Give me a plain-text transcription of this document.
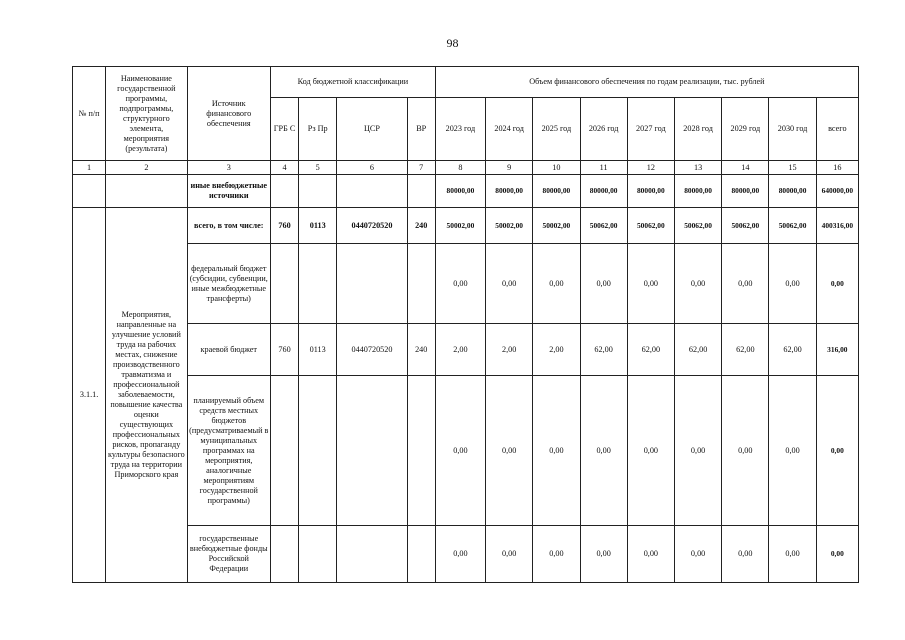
98
№ п/п	Наименование государственной программы, подпрограммы, структурного элемента, мероприятия (результата)	Источник финансового обеспечения	Код бюджетной классификации				Объем финансового обеспечения по годам реализации, тыс. рублей								
			ГРБ С	Рз Пр	ЦСР	ВР	2023 год	2024 год	2025 год	2026 год	2027 год	2028 год	2029 год	2030 год	всего
1	2	3	4	5	6	7	8	9	10	11	12	13	14	15	16
		иные внебюджетные источники					80000,00	80000,00	80000,00	80000,00	80000,00	80000,00	80000,00	80000,00	640000,00
3.1.1.	Мероприятия, направленные на улучшение условий труда на рабочих местах, снижение производственного травматизма и профессиональной заболеваемости, повышение качества оценки существующих профессиональных рисков, пропаганду культуры безопасного труда на территории Приморского края	всего, в том числе:	760	0113	0440720520	240	50002,00	50002,00	50002,00	50062,00	50062,00	50062,00	50062,00	50062,00	400316,00
		федеральный бюджет (субсидии, субвенции, иные межбюджетные трансферты)					0,00	0,00	0,00	0,00	0,00	0,00	0,00	0,00	0,00
		краевой бюджет	760	0113	0440720520	240	2,00	2,00	2,00	62,00	62,00	62,00	62,00	62,00	316,00
		планируемый объем средств местных бюджетов (предусматриваемый в муниципальных программах на мероприятия, аналогичные мероприятиям государственной программы)					0,00	0,00	0,00	0,00	0,00	0,00	0,00	0,00	0,00
		государственные внебюджетные фонды Российской Федерации					0,00	0,00	0,00	0,00	0,00	0,00	0,00	0,00	0,00
